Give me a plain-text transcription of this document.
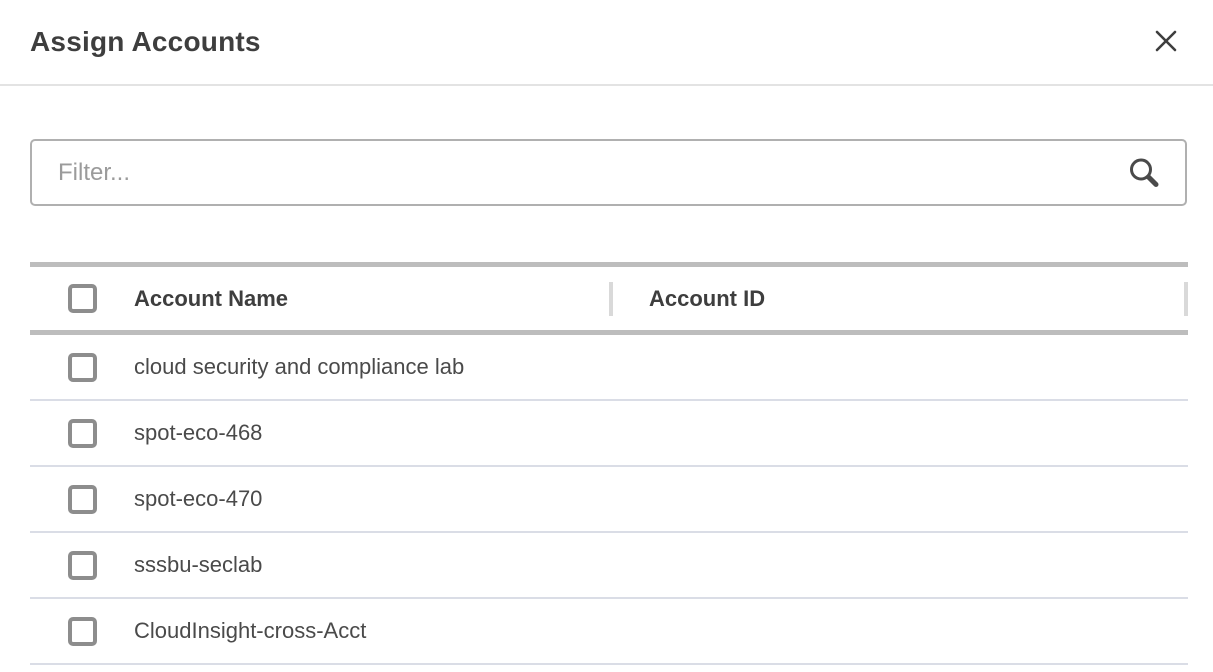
Assign Accounts
Filter...
Account Name	Account ID
cloud security and compliance lab
spot-eco-468
spot-eco-470
sssbu-seclab
CloudInsight-cross-Acct
